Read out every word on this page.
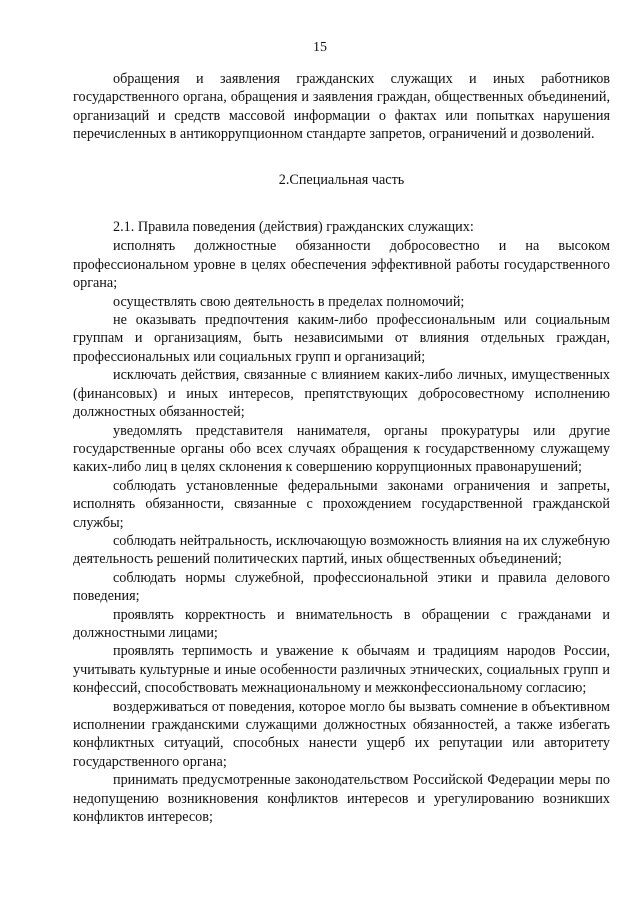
15

обращения и заявления гражданских служащих и иных работников государственного органа, обращения и заявления граждан, общественных объединений, организаций и средств массовой информации о фактах или попытках нарушения перечисленных в антикоррупционном стандарте запретов, ограничений и дозволений.

2.Специальная часть

2.1. Правила поведения (действия) гражданских служащих:

исполнять должностные обязанности добросовестно и на высоком профессиональном уровне в целях обеспечения эффективной работы государственного органа;

осуществлять свою деятельность в пределах полномочий;

не оказывать предпочтения каким-либо профессиональным или социальным группам и организациям, быть независимыми от влияния отдельных граждан, профессиональных или социальных групп и организаций;

исключать действия, связанные с влиянием каких-либо личных, имущественных (финансовых) и иных интересов, препятствующих добросовестному исполнению должностных обязанностей;

уведомлять представителя нанимателя, органы прокуратуры или другие государственные органы обо всех случаях обращения к государственному служащему каких-либо лиц в целях склонения к совершению коррупционных правонарушений;

соблюдать установленные федеральными законами ограничения и запреты, исполнять обязанности, связанные с прохождением государственной гражданской службы;

соблюдать нейтральность, исключающую возможность влияния на их служебную деятельность решений политических партий, иных общественных объединений;

соблюдать нормы служебной, профессиональной этики и правила делового поведения;

проявлять корректность и внимательность в обращении с гражданами и должностными лицами;

проявлять терпимость и уважение к обычаям и традициям народов России, учитывать культурные и иные особенности различных этнических, социальных групп и конфессий, способствовать межнациональному и межконфессиональному согласию;

воздерживаться от поведения, которое могло бы вызвать сомнение в объективном исполнении гражданскими служащими должностных обязанностей, а также избегать конфликтных ситуаций, способных нанести ущерб их репутации или авторитету государственного органа;

принимать предусмотренные законодательством Российской Федерации меры по недопущению возникновения конфликтов интересов и урегулированию возникших конфликтов интересов;
